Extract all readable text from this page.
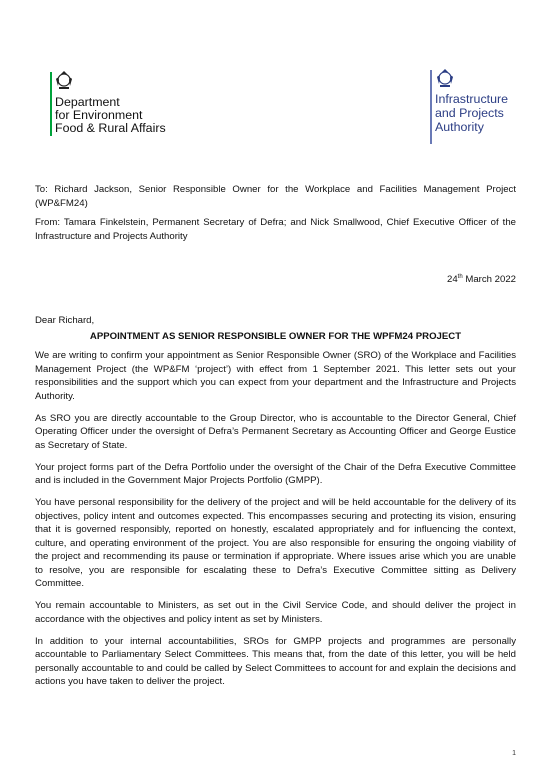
Department
for Environment
Food & Rural Affairs
Infrastructure
and Projects
Authority

To: Richard Jackson, Senior Responsible Owner for the Workplace and Facilities Management Project (WP&FM24)

From: Tamara Finkelstein, Permanent Secretary of Defra; and Nick Smallwood, Chief Executive Officer of the Infrastructure and Projects Authority

24th March 2022

Dear Richard,

APPOINTMENT AS SENIOR RESPONSIBLE OWNER FOR THE WPFM24 PROJECT

We are writing to confirm your appointment as Senior Responsible Owner (SRO) of the Workplace and Facilities Management Project (the WP&FM ‘project’) with effect from 1 September 2021. This letter sets out your responsibilities and the support which you can expect from your department and the Infrastructure and Projects Authority.

As SRO you are directly accountable to the Group Director, who is accountable to the Director General, Chief Operating Officer under the oversight of Defra’s Permanent Secretary as Accounting Officer and George Eustice as Secretary of State.

Your project forms part of the Defra Portfolio under the oversight of the Chair of the Defra Executive Committee and is included in the Government Major Projects Portfolio (GMPP).

You have personal responsibility for the delivery of the project and will be held accountable for the delivery of its objectives, policy intent and outcomes expected. This encompasses securing and protecting its vision, ensuring that it is governed responsibly, reported on honestly, escalated appropriately and for influencing the context, culture, and operating environment of the project. You are also responsible for ensuring the ongoing viability of the project and recommending its pause or termination if appropriate. Where issues arise which you are unable to resolve, you are responsible for escalating these to Defra’s Executive Committee sitting as Delivery Committee.

You remain accountable to Ministers, as set out in the Civil Service Code, and should deliver the project in accordance with the objectives and policy intent as set by Ministers.

In addition to your internal accountabilities, SROs for GMPP projects and programmes are personally accountable to Parliamentary Select Committees. This means that, from the date of this letter, you will be held personally accountable to and could be called by Select Committees to account for and explain the decisions and actions you have taken to deliver the project.

1
